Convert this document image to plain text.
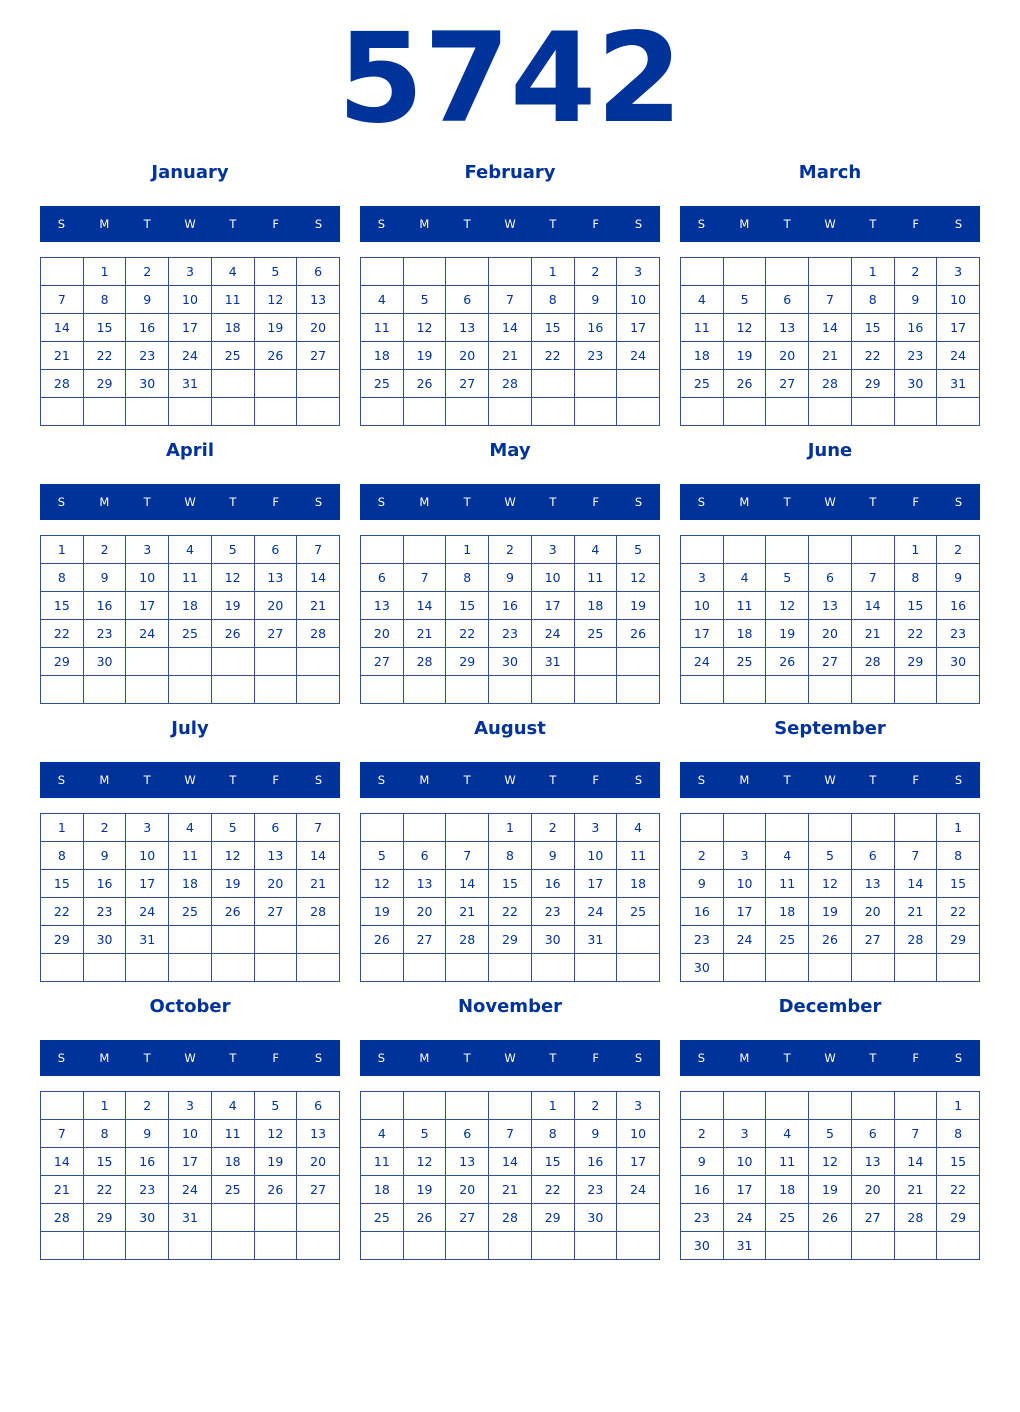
5742
January
S	M	T	W	T	F	S
	1	2	3	4	5	6
7	8	9	10	11	12	13
14	15	16	17	18	19	20
21	22	23	24	25	26	27
28	29	30	31			

February
S	M	T	W	T	F	S
				1	2	3
4	5	6	7	8	9	10
11	12	13	14	15	16	17
18	19	20	21	22	23	24
25	26	27	28			

March
S	M	T	W	T	F	S
				1	2	3
4	5	6	7	8	9	10
11	12	13	14	15	16	17
18	19	20	21	22	23	24
25	26	27	28	29	30	31

April
S	M	T	W	T	F	S
1	2	3	4	5	6	7
8	9	10	11	12	13	14
15	16	17	18	19	20	21
22	23	24	25	26	27	28
29	30					

May
S	M	T	W	T	F	S
		1	2	3	4	5
6	7	8	9	10	11	12
13	14	15	16	17	18	19
20	21	22	23	24	25	26
27	28	29	30	31		

June
S	M	T	W	T	F	S
					1	2
3	4	5	6	7	8	9
10	11	12	13	14	15	16
17	18	19	20	21	22	23
24	25	26	27	28	29	30

July
S	M	T	W	T	F	S
1	2	3	4	5	6	7
8	9	10	11	12	13	14
15	16	17	18	19	20	21
22	23	24	25	26	27	28
29	30	31				

August
S	M	T	W	T	F	S
			1	2	3	4
5	6	7	8	9	10	11
12	13	14	15	16	17	18
19	20	21	22	23	24	25
26	27	28	29	30	31	

September
S	M	T	W	T	F	S
						1
2	3	4	5	6	7	8
9	10	11	12	13	14	15
16	17	18	19	20	21	22
23	24	25	26	27	28	29
30						
October
S	M	T	W	T	F	S
	1	2	3	4	5	6
7	8	9	10	11	12	13
14	15	16	17	18	19	20
21	22	23	24	25	26	27
28	29	30	31			

November
S	M	T	W	T	F	S
				1	2	3
4	5	6	7	8	9	10
11	12	13	14	15	16	17
18	19	20	21	22	23	24
25	26	27	28	29	30	

December
S	M	T	W	T	F	S
						1
2	3	4	5	6	7	8
9	10	11	12	13	14	15
16	17	18	19	20	21	22
23	24	25	26	27	28	29
30	31					
